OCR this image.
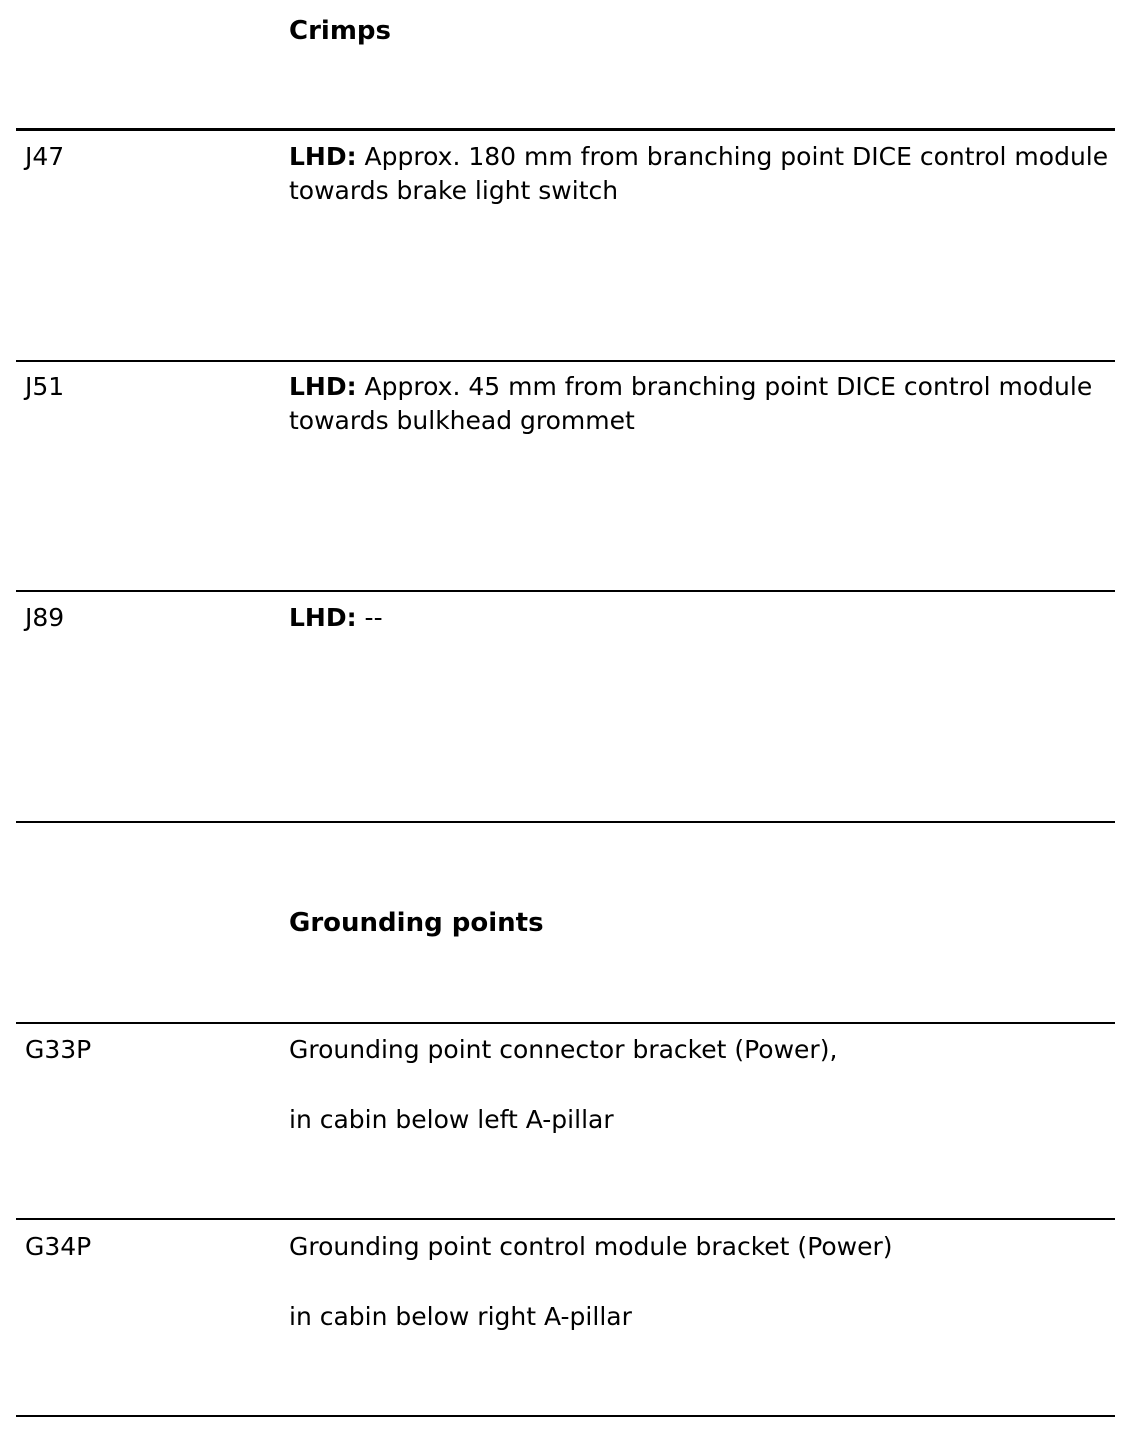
Crimps
J47	LHD: Approx. 180 mm from branching point DICE control module towards brake light switch
J51	LHD: Approx. 45 mm from branching point DICE control module towards bulkhead grommet
J89	LHD: --
Grounding points
G33P	Grounding point connector bracket (Power),

in cabin below left A-pillar

G34P	Grounding point control module bracket (Power)

in cabin below right A-pillar
